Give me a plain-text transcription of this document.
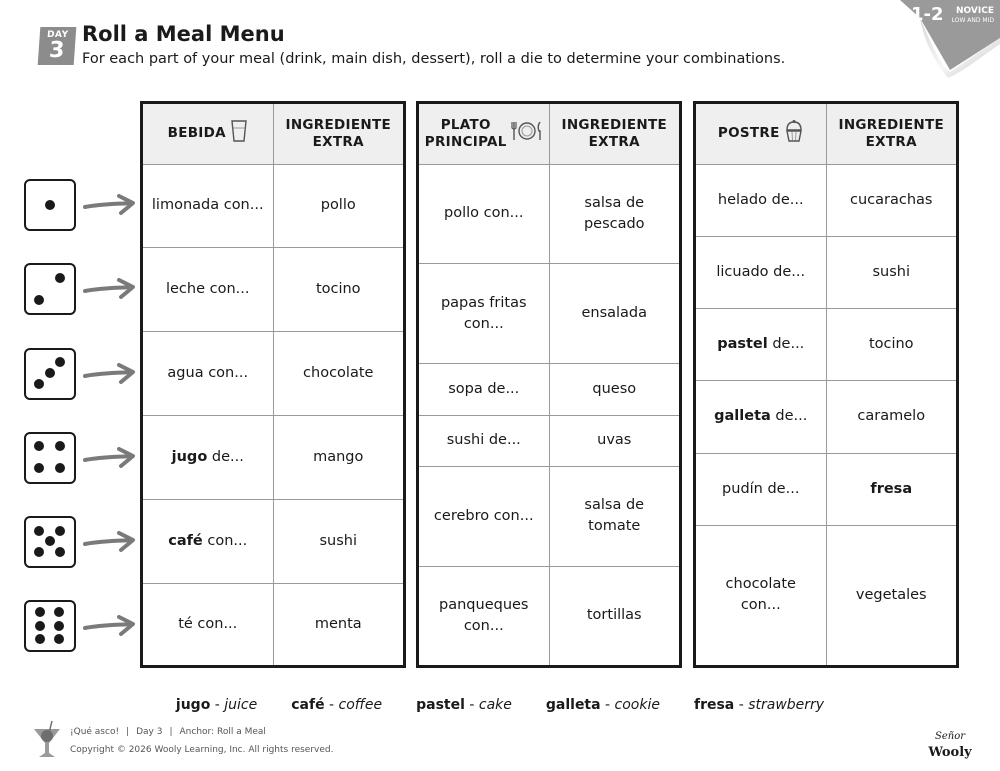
DAY
3
Roll a Meal Menu
For each part of your meal (drink, main dish, dessert), roll a die to determine your combinations.
1-2	NOVICE
LOW AND MID
BEBIDA	INGREDIENTE
EXTRA

limonada con...	pollo
leche con...	tocino
agua con...	chocolate
jugo de...	mango
café con...	sushi
té con...	menta
PLATO
PRINCIPAL	INGREDIENTE
EXTRA

pollo con...	salsa de pescado
papas fritas con...	ensalada
sopa de...	queso
sushi de...	uvas
cerebro con...	salsa de tomate
panqueques con...	tortillas
POSTRE	INGREDIENTE
EXTRA

helado de...	cucarachas
licuado de...	sushi
pastel de...	tocino
galleta de...	caramelo
pudín de...	fresa
chocolate con...	vegetales
jugo - juice café - coffee pastel - cake galleta - cookie fresa - strawberry
¡Qué asco! | Day 3 | Anchor: Roll a Meal
Copyright © 2026 Wooly Learning, Inc. All rights reserved.
Señor
Wooly
